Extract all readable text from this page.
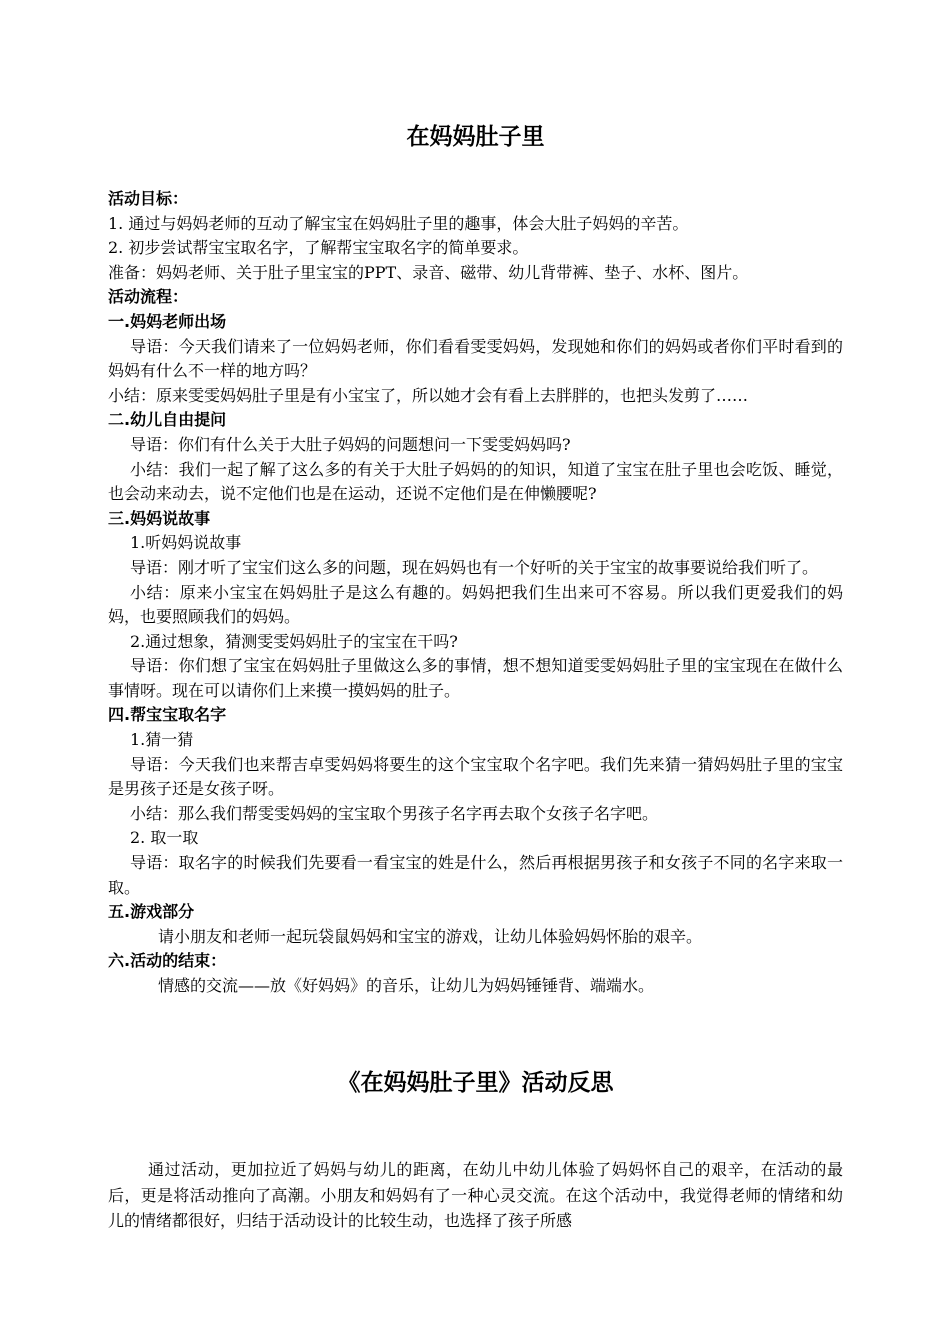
在妈妈肚子里

活动目标：

1. 通过与妈妈老师的互动了解宝宝在妈妈肚子里的趣事，体会大肚子妈妈的辛苦。

2. 初步尝试帮宝宝取名字，了解帮宝宝取名字的简单要求。

准备：妈妈老师、关于肚子里宝宝的PPT、录音、磁带、幼儿背带裤、垫子、水杯、图片。

活动流程：

一.妈妈老师出场

导语：今天我们请来了一位妈妈老师，你们看看雯雯妈妈，发现她和你们的妈妈或者你们平时看到的妈妈有什么不一样的地方吗？

小结：原来雯雯妈妈肚子里是有小宝宝了，所以她才会有看上去胖胖的，也把头发剪了……

二.幼儿自由提问

导语：你们有什么关于大肚子妈妈的问题想问一下雯雯妈妈吗?

小结：我们一起了解了这么多的有关于大肚子妈妈的的知识，知道了宝宝在肚子里也会吃饭、睡觉，也会动来动去，说不定他们也是在运动，还说不定他们是在伸懒腰呢?

三.妈妈说故事

1.听妈妈说故事

导语：刚才听了宝宝们这么多的问题，现在妈妈也有一个好听的关于宝宝的故事要说给我们听了。

小结：原来小宝宝在妈妈肚子是这么有趣的。妈妈把我们生出来可不容易。所以我们更爱我们的妈妈，也要照顾我们的妈妈。

2.通过想象，猜测雯雯妈妈肚子的宝宝在干吗?

导语：你们想了宝宝在妈妈肚子里做这么多的事情，想不想知道雯雯妈妈肚子里的宝宝现在在做什么事情呀。现在可以请你们上来摸一摸妈妈的肚子。

四.帮宝宝取名字

1.猜一猜

导语：今天我们也来帮吉卓雯妈妈将要生的这个宝宝取个名字吧。我们先来猜一猜妈妈肚子里的宝宝是男孩子还是女孩子呀。

小结：那么我们帮雯雯妈妈的宝宝取个男孩子名字再去取个女孩子名字吧。

2. 取一取

导语：取名字的时候我们先要看一看宝宝的姓是什么，然后再根据男孩子和女孩子不同的名字来取一取。

五.游戏部分

请小朋友和老师一起玩袋鼠妈妈和宝宝的游戏，让幼儿体验妈妈怀胎的艰辛。

六.活动的结束：

情感的交流——放《好妈妈》的音乐，让幼儿为妈妈锤锤背、端端水。

《在妈妈肚子里》活动反思

通过活动，更加拉近了妈妈与幼儿的距离，在幼儿中幼儿体验了妈妈怀自己的艰辛，在活动的最后，更是将活动推向了高潮。小朋友和妈妈有了一种心灵交流。在这个活动中，我觉得老师的情绪和幼儿的情绪都很好，归结于活动设计的比较生动，也选择了孩子所感
